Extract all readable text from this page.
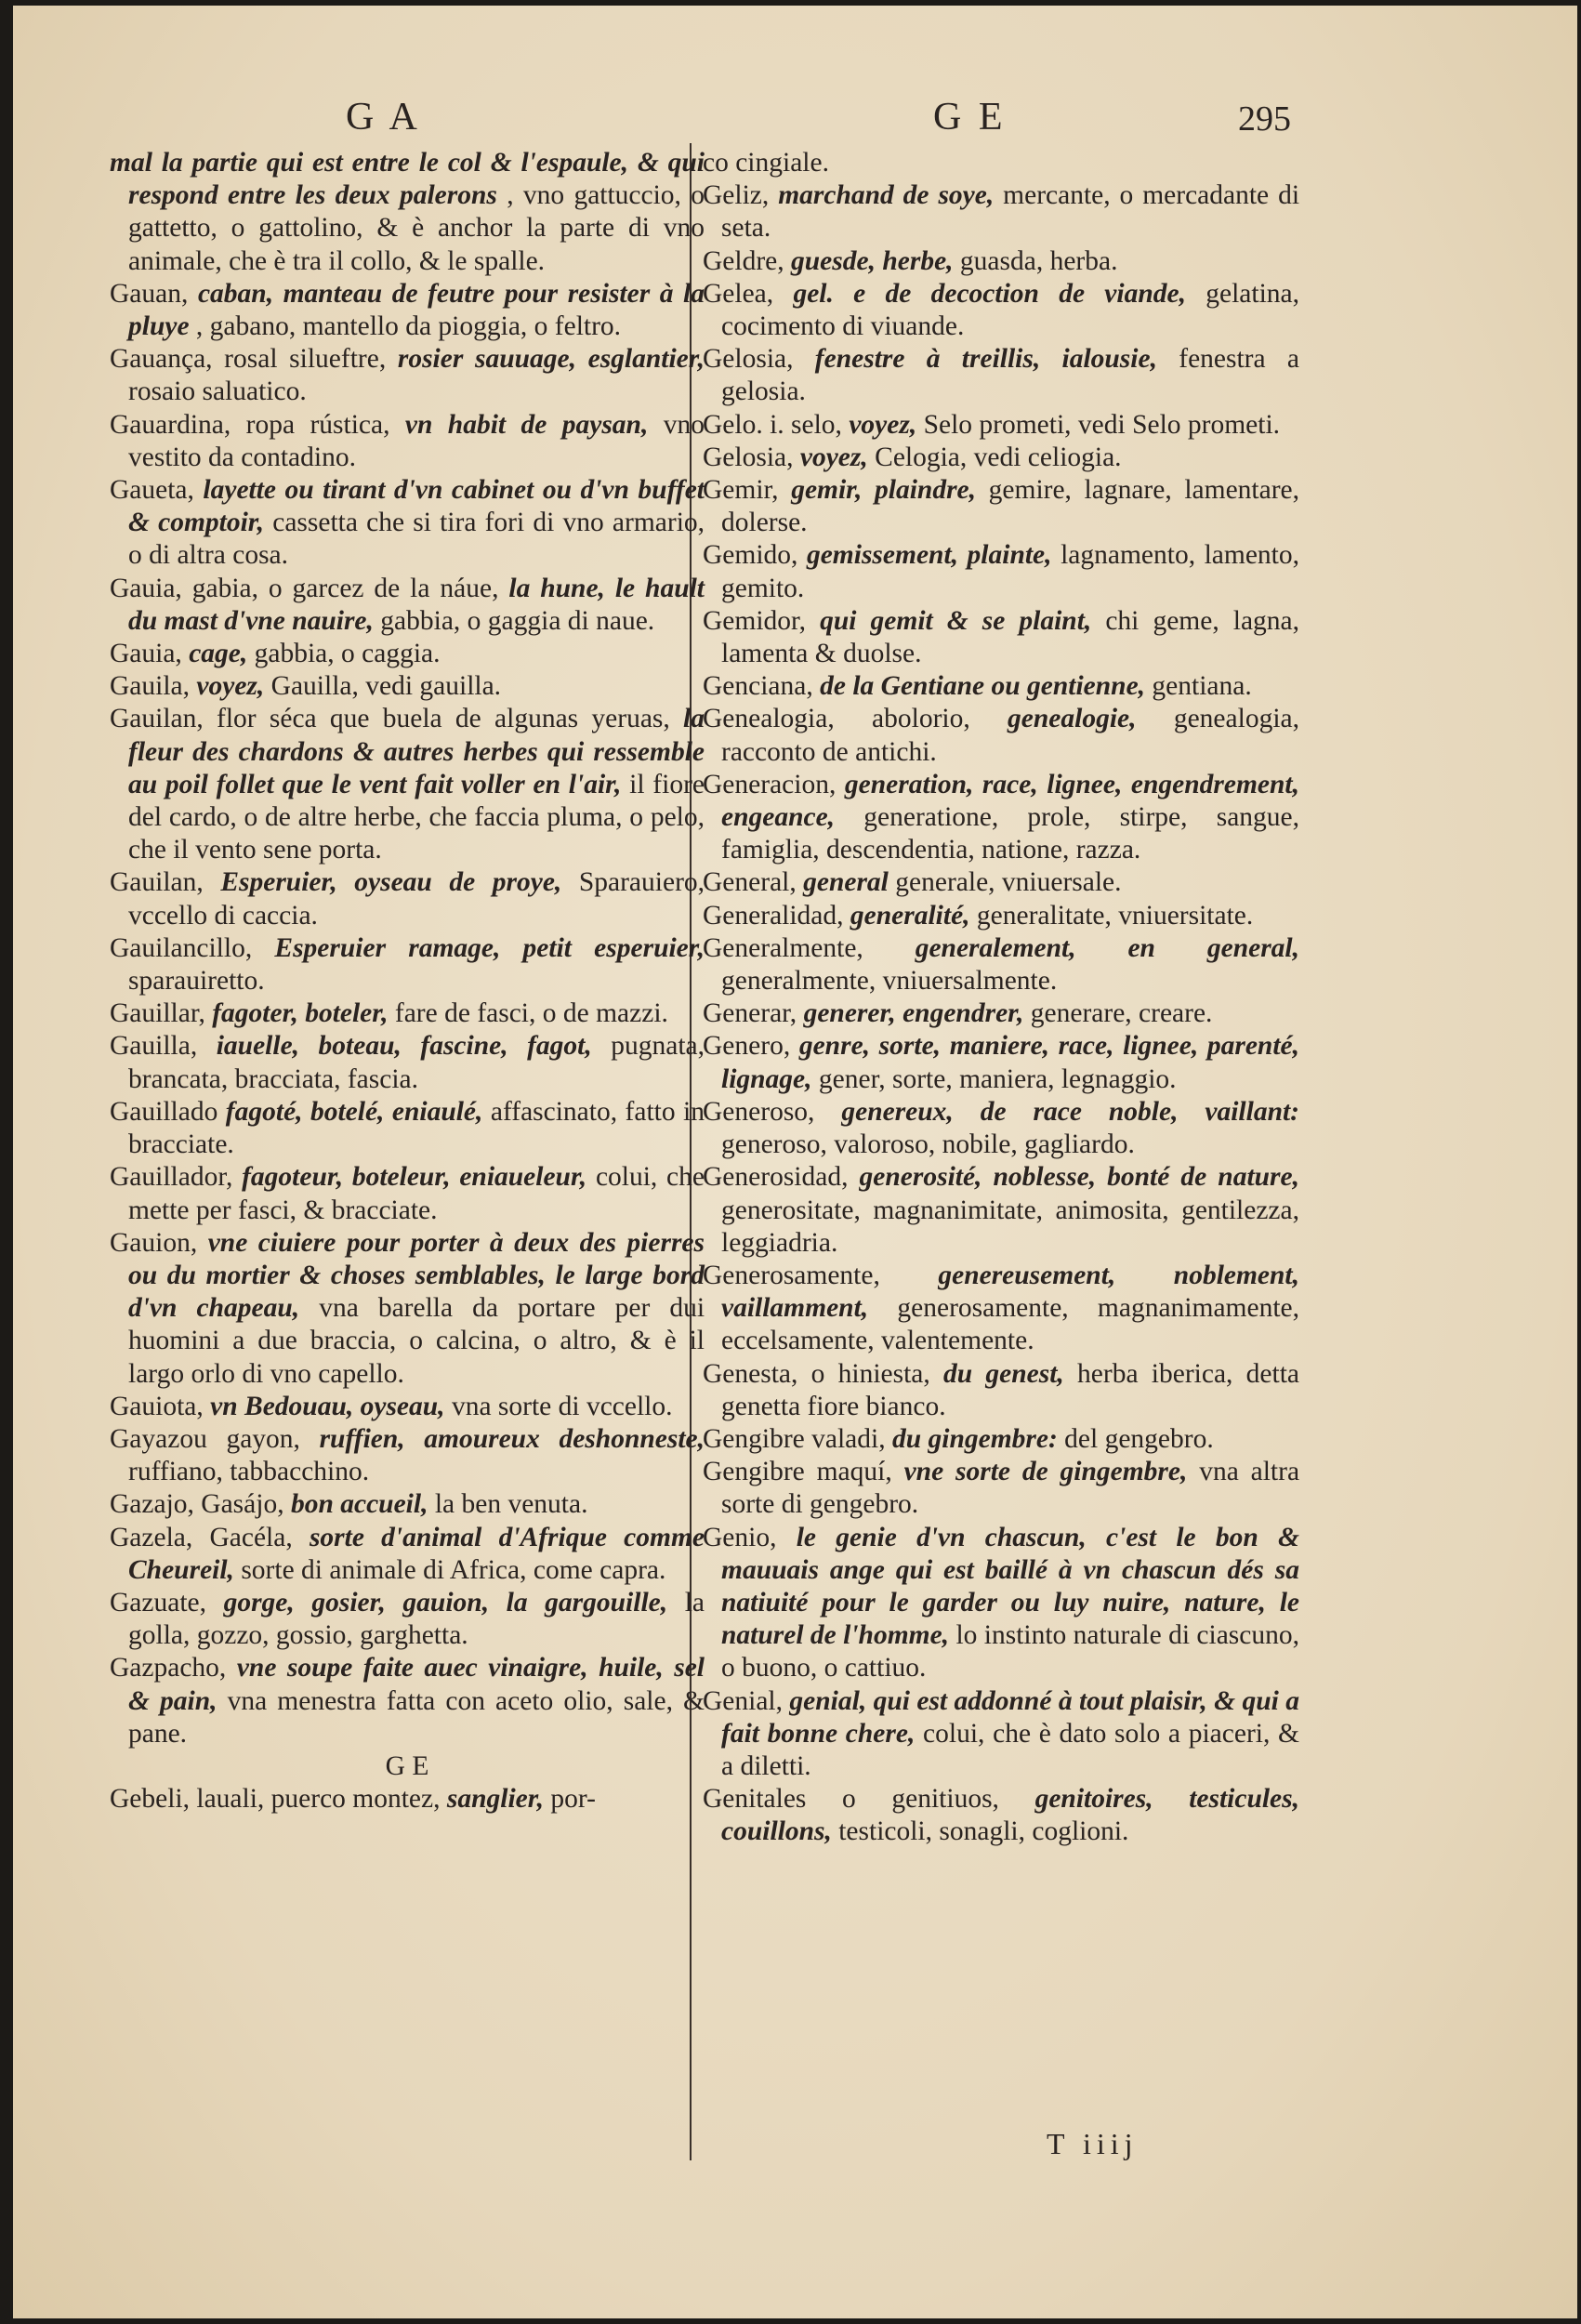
G A	G E	295

mal la partie qui est entre le col & l'espaule, & qui respond entre les deux palerons , vno gattuccio, o gattetto, o gattolino, & è anchor la parte di vno animale, che è tra il collo, & le spalle.

Gauan, caban, manteau de feutre pour resister à la pluye , gabano, mantello da pioggia, o feltro.

Gauança, rosal silueftre, rosier sauuage, esglantier, rosaio saluatico.

Gauardina, ropa rústica, vn habit de paysan, vno vestito da contadino.

Gaueta, layette ou tirant d'vn cabinet ou d'vn buffet & comptoir, cassetta che si tira fori di vno armario, o di altra cosa.

Gauia, gabia, o garcez de la náue, la hune, le hault du mast d'vne nauire, gabbia, o gaggia di naue.

Gauia, cage, gabbia, o caggia.

Gauila, voyez, Gauilla, vedi gauilla.

Gauilan, flor séca que buela de algunas yeruas, la fleur des chardons & autres herbes qui ressemble au poil follet que le vent fait voller en l'air, il fiore del cardo, o de altre herbe, che faccia pluma, o pelo, che il vento sene porta.

Gauilan, Esperuier, oyseau de proye, Sparauiero, vccello di caccia.

Gauilancillo, Esperuier ramage, petit esperuier, sparauiretto.

Gauillar, fagoter, boteler, fare de fasci, o de mazzi.

Gauilla, iauelle, boteau, fascine, fagot, pugnata, brancata, bracciata, fascia.

Gauillado fagoté, botelé, eniaulé, affascinato, fatto in bracciate.

Gauillador, fagoteur, boteleur, eniaueleur, colui, che mette per fasci, & bracciate.

Gauion, vne ciuiere pour porter à deux des pierres ou du mortier & choses semblables, le large bord d'vn chapeau, vna barella da portare per dui huomini a due braccia, o calcina, o altro, & è il largo orlo di vno capello.

Gauiota, vn Bedouau, oyseau, vna sorte di vccello.

Gayazou gayon, ruffien, amoureux deshonneste, ruffiano, tabbacchino.

Gazajo, Gasájo, bon accueil, la ben venuta.

Gazela, Gacéla, sorte d'animal d'Afrique comme Cheureil, sorte di animale di Africa, come capra.

Gazuate, gorge, gosier, gauion, la gargouille, la golla, gozzo, gossio, garghetta.

Gazpacho, vne soupe faite auec vinaigre, huile, sel & pain, vna menestra fatta con aceto olio, sale, & pane.

G E

Gebeli, lauali, puerco montez, sanglier, por-

co cingiale.

Geliz, marchand de soye, mercante, o mercadante di seta.

Geldre, guesde, herbe, guasda, herba.

Gelea, gel. e de decoction de viande, gelatina, cocimento di viuande.

Gelosia, fenestre à treillis, ialousie, fenestra a gelosia.

Gelo. i. selo, voyez, Selo prometi, vedi Selo prometi.

Gelosia, voyez, Celogia, vedi celiogia.

Gemir, gemir, plaindre, gemire, lagnare, lamentare, dolerse.

Gemido, gemissement, plainte, lagnamento, lamento, gemito.

Gemidor, qui gemit & se plaint, chi geme, lagna, lamenta & duolse.

Genciana, de la Gentiane ou gentienne, gentiana.

Genealogia, abolorio, genealogie, genealogia, racconto de antichi.

Generacion, generation, race, lignee, engendrement, engeance, generatione, prole, stirpe, sangue, famiglia, descendentia, natione, razza.

General, general generale, vniuersale.

Generalidad, generalité, generalitate, vniuersitate.

Generalmente, generalement, en general, generalmente, vniuersalmente.

Generar, generer, engendrer, generare, creare.

Genero, genre, sorte, maniere, race, lignee, parenté, lignage, gener, sorte, maniera, legnaggio.

Generoso, genereux, de race noble, vaillant: generoso, valoroso, nobile, gagliardo.

Generosidad, generosité, noblesse, bonté de nature, generositate, magnanimitate, animosita, gentilezza, leggiadria.

Generosamente, genereusement, noblement, vaillamment, generosamente, magnanimamente, eccelsamente, valentemente.

Genesta, o hiniesta, du genest, herba iberica, detta genetta fiore bianco.

Gengibre valadi, du gingembre: del gengebro.

Gengibre maquí, vne sorte de gingembre, vna altra sorte di gengebro.

Genio, le genie d'vn chascun, c'est le bon & mauuais ange qui est baillé à vn chascun dés sa natiuité pour le garder ou luy nuire, nature, le naturel de l'homme, lo instinto naturale di ciascuno, o buono, o cattiuo.

Genial, genial, qui est addonné à tout plaisir, & qui a fait bonne chere, colui, che è dato solo a piaceri, & a diletti.

Genitales o genitiuos, genitoires, testicules, couillons, testicoli, sonagli, coglioni.

T iiij
